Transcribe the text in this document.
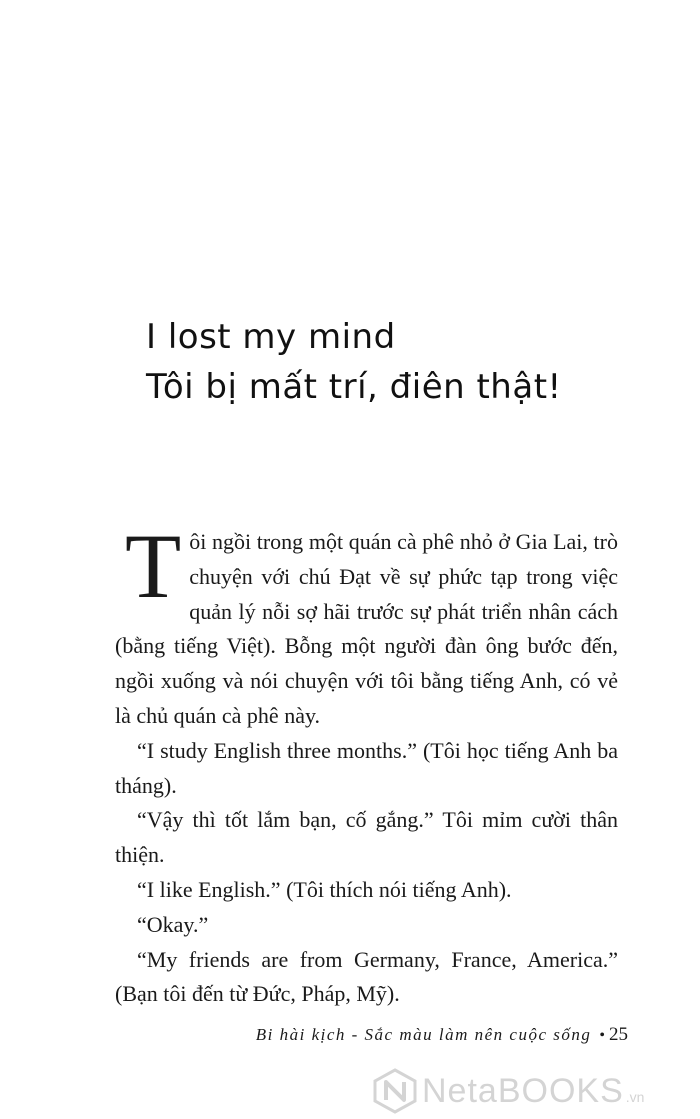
I lost my mind
Tôi bị mất trí, điên thật!

Tôi ngồi trong một quán cà phê nhỏ ở Gia Lai, trò chuyện với chú Đạt về sự phức tạp trong việc quản lý nỗi sợ hãi trước sự phát triển nhân cách (bằng tiếng Việt). Bỗng một người đàn ông bước đến, ngồi xuống và nói chuyện với tôi bằng tiếng Anh, có vẻ là chủ quán cà phê này.

“I study English three months.” (Tôi học tiếng Anh ba tháng).

“Vậy thì tốt lắm bạn, cố gắng.” Tôi mỉm cười thân thiện.

“I like English.” (Tôi thích nói tiếng Anh).

“Okay.”

“My friends are from Germany, France, America.” (Bạn tôi đến từ Đức, Pháp, Mỹ).

Bi hài kịch - Sắc màu làm nên cuộc sống • 25
NetaBOOKS .vn
